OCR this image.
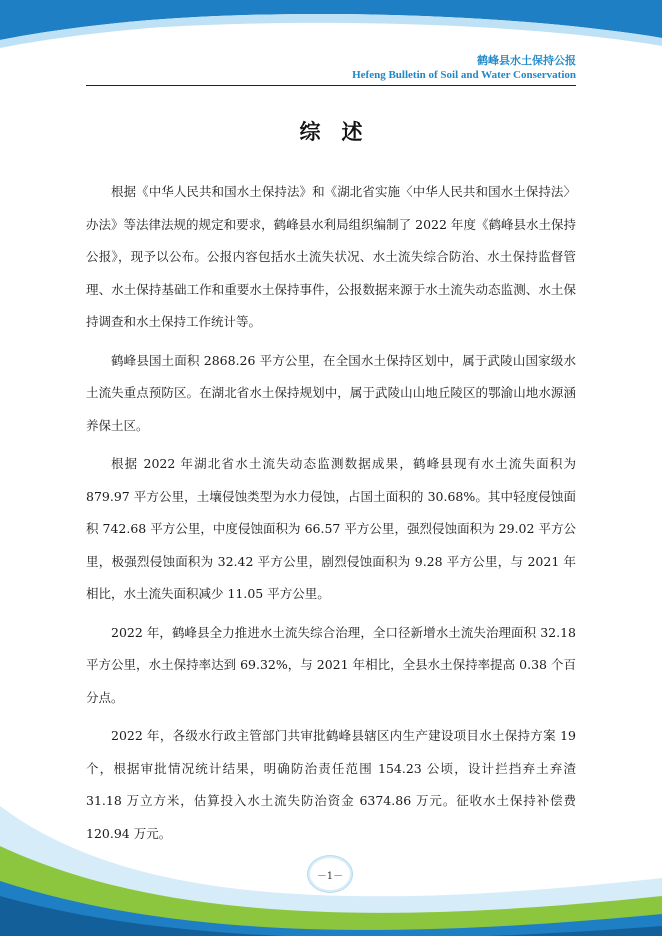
鹤峰县水土保持公报
Hefeng Bulletin of Soil and Water Conservation
综　述

根据《中华人民共和国水土保持法》和《湖北省实施〈中华人民共和国水土保持法〉办法》等法律法规的规定和要求，鹤峰县水利局组织编制了 2022 年度《鹤峰县水土保持公报》，现予以公布。公报内容包括水土流失状况、水土流失综合防治、水土保持监督管理、水土保持基础工作和重要水土保持事件，公报数据来源于水土流失动态监测、水土保持调查和水土保持工作统计等。

鹤峰县国土面积 2868.26 平方公里，在全国水土保持区划中，属于武陵山国家级水土流失重点预防区。在湖北省水土保持规划中，属于武陵山山地丘陵区的鄂渝山地水源涵养保土区。

根据 2022 年湖北省水土流失动态监测数据成果，鹤峰县现有水土流失面积为 879.97 平方公里，土壤侵蚀类型为水力侵蚀，占国土面积的 30.68%。其中轻度侵蚀面积 742.68 平方公里，中度侵蚀面积为 66.57 平方公里，强烈侵蚀面积为 29.02 平方公里，极强烈侵蚀面积为 32.42 平方公里，剧烈侵蚀面积为 9.28 平方公里，与 2021 年相比，水土流失面积减少 11.05 平方公里。

2022 年，鹤峰县全力推进水土流失综合治理，全口径新增水土流失治理面积 32.18 平方公里，水土保持率达到 69.32%，与 2021 年相比，全县水土保持率提高 0.38 个百分点。

2022 年，各级水行政主管部门共审批鹤峰县辖区内生产建设项目水土保持方案 19 个，根据审批情况统计结果，明确防治责任范围 154.23 公顷，设计拦挡弃土弃渣 31.18 万立方米，估算投入水土流失防治资金 6374.86 万元。征收水土保持补偿费 120.94 万元。

－1－
